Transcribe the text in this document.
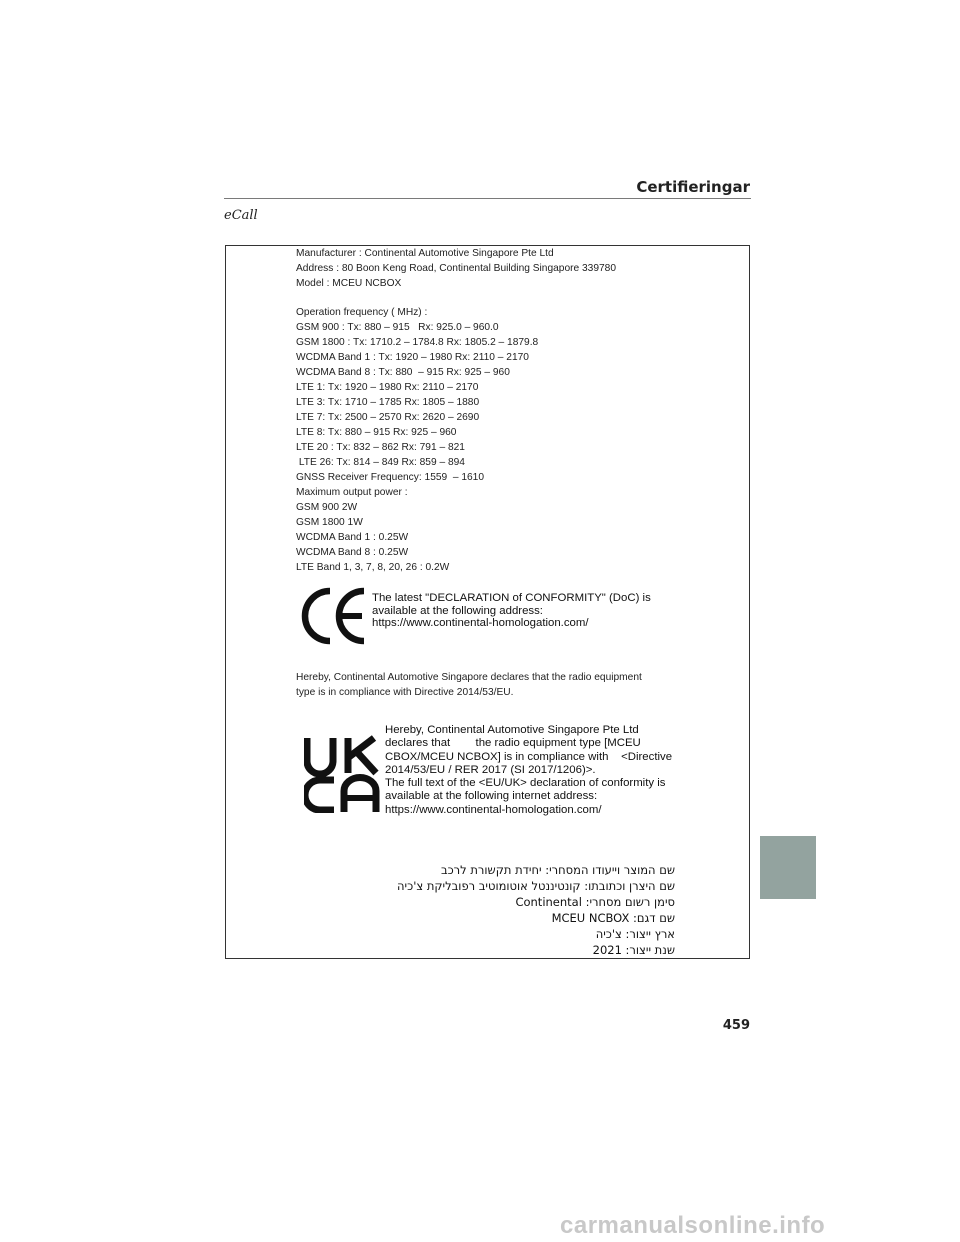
Certifieringar
eCall
Manufacturer : Continental Automotive Singapore Pte Ltd
Address : 80 Boon Keng Road, Continental Building Singapore 339780
Model : MCEU NCBOX
Operation frequency ( MHz) :
GSM 900 : Tx: 880 – 915   Rx: 925.0 – 960.0
GSM 1800 : Tx: 1710.2 – 1784.8 Rx: 1805.2 – 1879.8
WCDMA Band 1 : Tx: 1920 – 1980 Rx: 2110 – 2170
WCDMA Band 8 : Tx: 880  – 915 Rx: 925 – 960
LTE 1: Tx: 1920 – 1980 Rx: 2110 – 2170
LTE 3: Tx: 1710 – 1785 Rx: 1805 – 1880
LTE 7: Tx: 2500 – 2570 Rx: 2620 – 2690
LTE 8: Tx: 880 – 915 Rx: 925 – 960
LTE 20 : Tx: 832 – 862 Rx: 791 – 821
LTE 26: Tx: 814 – 849 Rx: 859 – 894
GNSS Receiver Frequency: 1559  – 1610
Maximum output power :
GSM 900 2W
GSM 1800 1W
WCDMA Band 1 : 0.25W
WCDMA Band 8 : 0.25W
LTE Band 1, 3, 7, 8, 20, 26 : 0.2W
The latest "DECLARATION of CONFORMITY" (DoC) is
available at the following address:
https://www.continental-homologation.com/
Hereby, Continental Automotive Singapore declares that the radio equipment
type is in compliance with Directive 2014/53/EU.
Hereby, Continental Automotive Singapore Pte Ltd
declares that        the radio equipment type [MCEU
CBOX/MCEU NCBOX] is in compliance with    <Directive
2014/53/EU / RER 2017 (SI 2017/1206)>.
The full text of the <EU/UK> declaration of conformity is
available at the following internet address:
https://www.continental-homologation.com/
שם המוצר וייעודו המסחרי: יחידת תקשורת לרכב
שם היצרן וכתובתו: קונטיננטל אוטומוטיב רפובליקת צ'כיה
סימן רשום מסחרי: Continental
שם דגם: MCEU NCBOX
ארץ ייצור: צ'כיה
שנת ייצור: 2021
459
carmanualsonline.info
